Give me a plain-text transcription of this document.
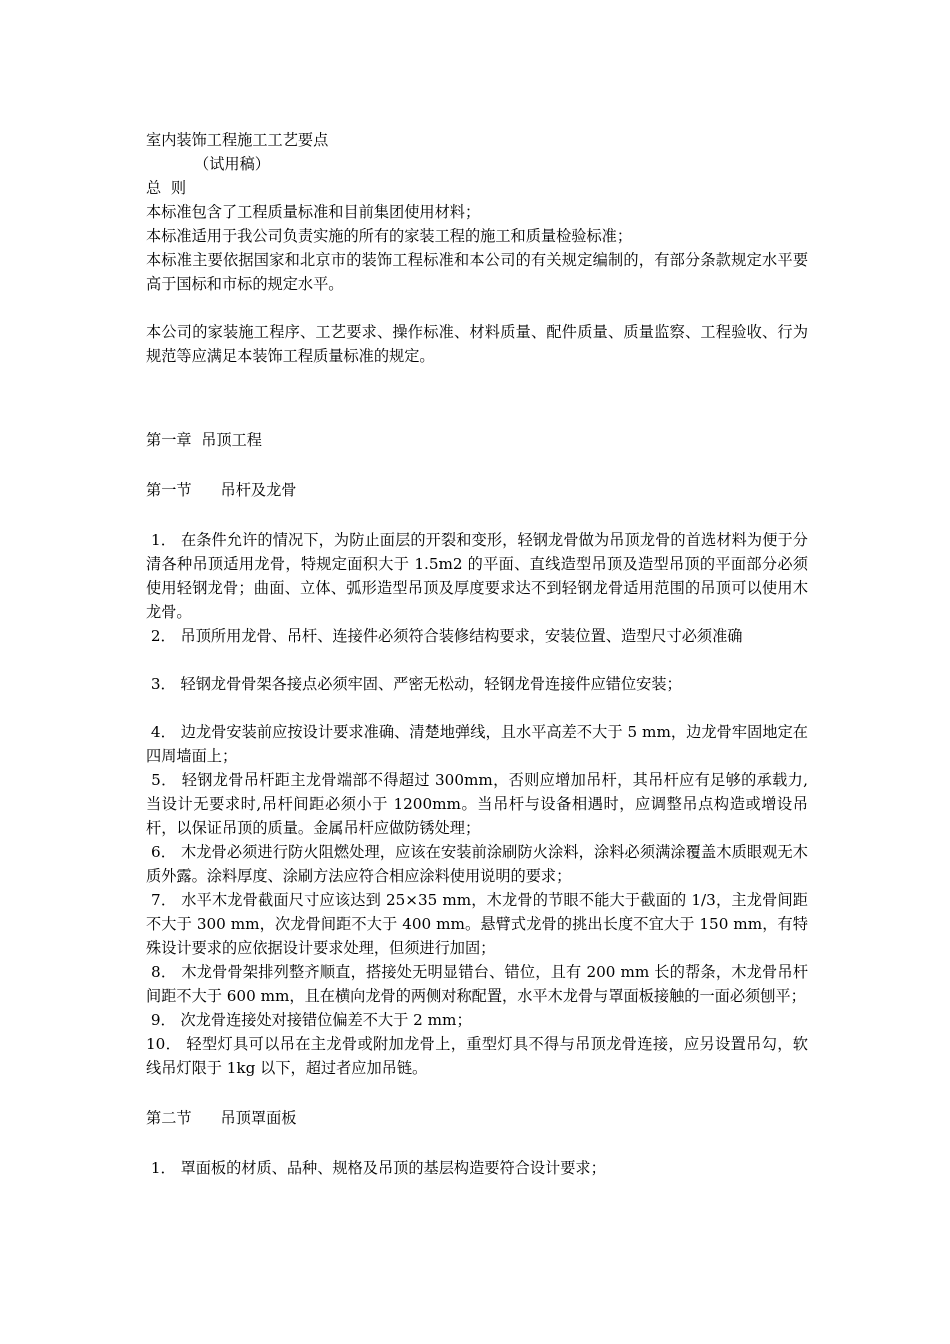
室内装饰工程施工工艺要点

（试用稿）

总  则

本标准包含了工程质量标准和目前集团使用材料；

本标准适用于我公司负责实施的所有的家装工程的施工和质量检验标准；

本标准主要依据国家和北京市的装饰工程标准和本公司的有关规定编制的，有部分条款规定水平要高于国标和市标的规定水平。

本公司的家装施工程序、工艺要求、操作标准、材料质量、配件质量、质量监察、工程验收、行为规范等应满足本装饰工程质量标准的规定。

第一章  吊顶工程

第一节      吊杆及龙骨

1． 在条件允许的情况下，为防止面层的开裂和变形，轻钢龙骨做为吊顶龙骨的首选材料为便于分清各种吊顶适用龙骨，特规定面积大于 1.5m2 的平面、直线造型吊顶及造型吊顶的平面部分必须使用轻钢龙骨；曲面、立体、弧形造型吊顶及厚度要求达不到轻钢龙骨适用范围的吊顶可以使用木龙骨。

2． 吊顶所用龙骨、吊杆、连接件必须符合装修结构要求，安装位置、造型尺寸必须准确

3． 轻钢龙骨骨架各接点必须牢固、严密无松动，轻钢龙骨连接件应错位安装；

4． 边龙骨安装前应按设计要求准确、清楚地弹线，且水平高差不大于 5 mm，边龙骨牢固地定在四周墙面上；

5． 轻钢龙骨吊杆距主龙骨端部不得超过 300mm，否则应增加吊杆，其吊杆应有足够的承载力,当设计无要求时,吊杆间距必须小于 1200mm。当吊杆与设备相遇时，应调整吊点构造或增设吊杆，以保证吊顶的质量。金属吊杆应做防锈处理；

6． 木龙骨必须进行防火阻燃处理，应该在安装前涂刷防火涂料，涂料必须满涂覆盖木质眼观无木质外露。涂料厚度、涂刷方法应符合相应涂料使用说明的要求；

7． 水平木龙骨截面尺寸应该达到 25×35 mm，木龙骨的节眼不能大于截面的 1/3，主龙骨间距不大于 300 mm，次龙骨间距不大于 400 mm。悬臂式龙骨的挑出长度不宜大于 150 mm，有特殊设计要求的应依据设计要求处理，但须进行加固；

8． 木龙骨骨架排列整齐顺直，搭接处无明显错台、错位，且有 200 mm 长的帮条，木龙骨吊杆间距不大于 600 mm，且在横向龙骨的两侧对称配置，水平木龙骨与罩面板接触的一面必须刨平；

9． 次龙骨连接处对接错位偏差不大于 2 mm；

10． 轻型灯具可以吊在主龙骨或附加龙骨上，重型灯具不得与吊顶龙骨连接，应另设置吊勾，软线吊灯限于 1kg 以下，超过者应加吊链。

第二节      吊顶罩面板

1． 罩面板的材质、品种、规格及吊顶的基层构造要符合设计要求；
